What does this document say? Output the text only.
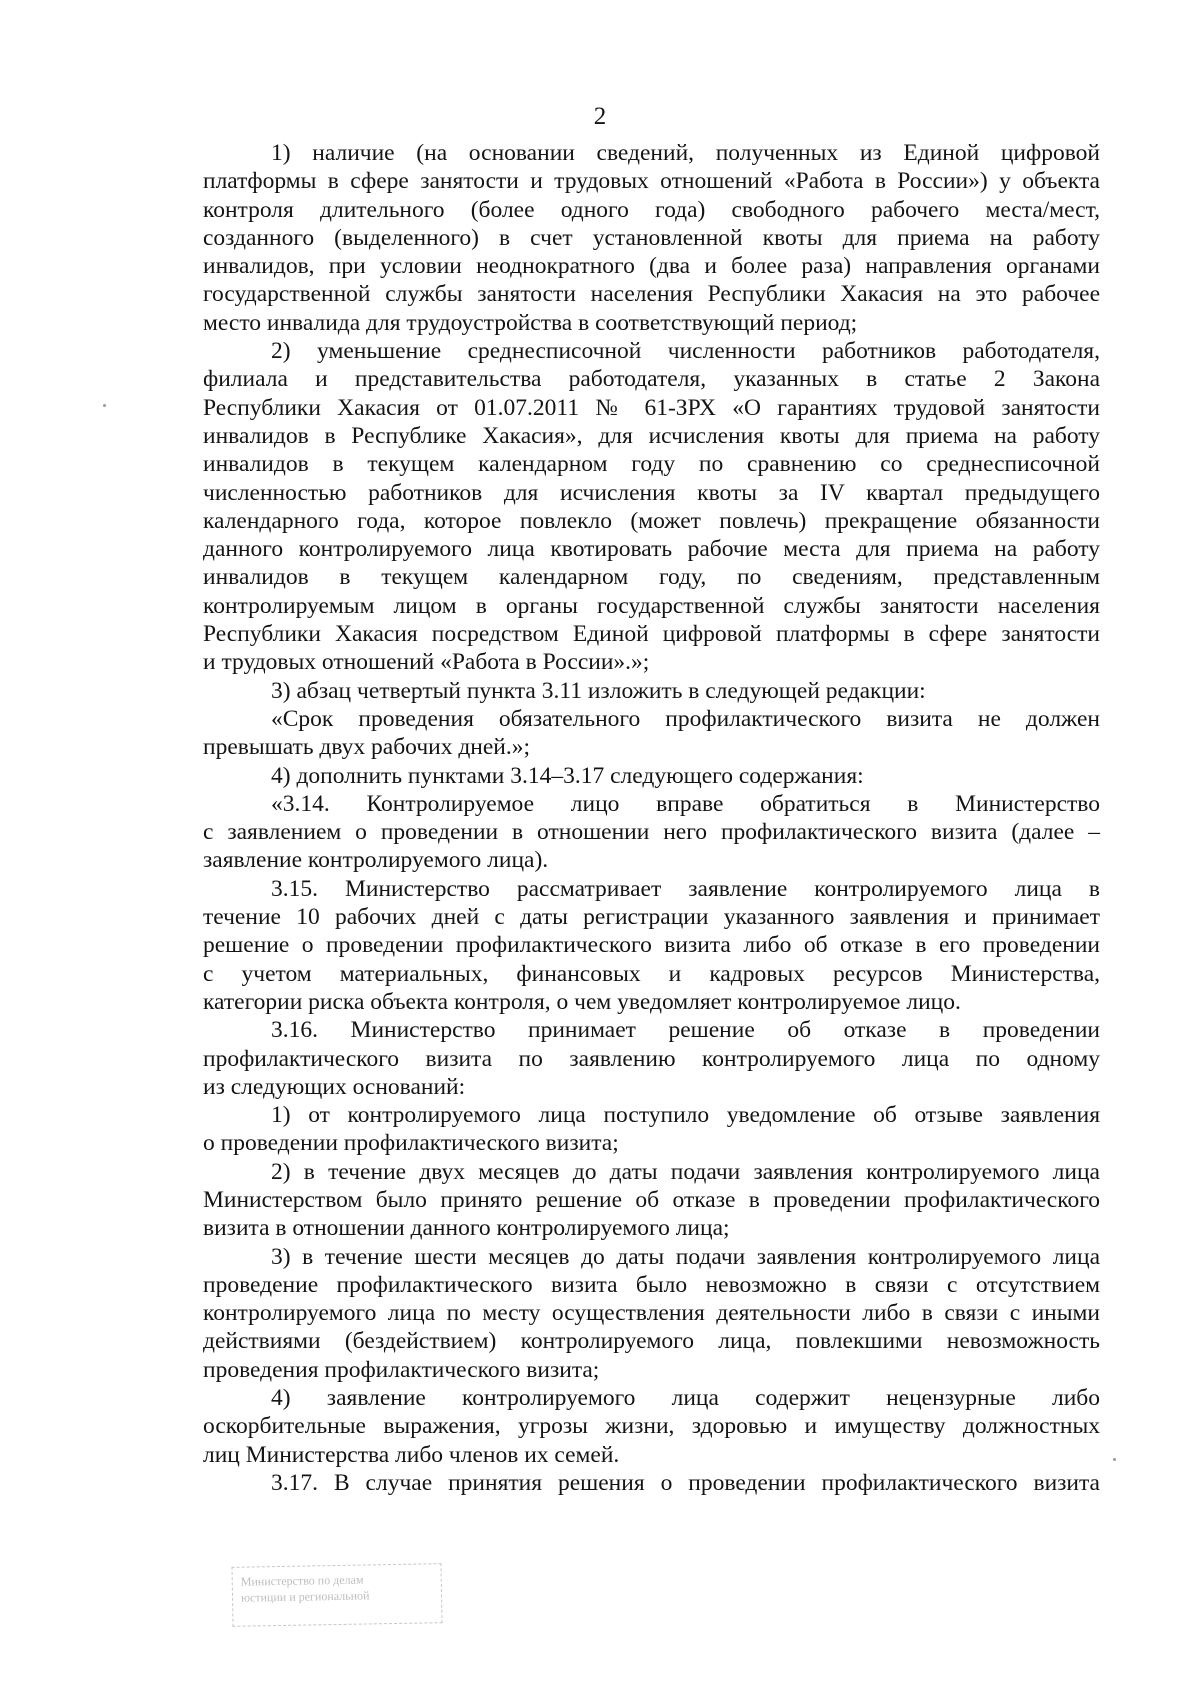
2
1) наличие (на основании сведений, полученных из Единой цифровой
платформы в сфере занятости и трудовых отношений «Работа в России») у объекта
контроля длительного (более одного года) свободного рабочего места/мест,
созданного (выделенного) в счет установленной квоты для приема на работу
инвалидов, при условии неоднократного (два и более раза) направления органами
государственной службы занятости населения Республики Хакасия на это рабочее
место инвалида для трудоустройства в соответствующий период;
2) уменьшение среднесписочной численности работников работодателя,
филиала и представительства работодателя, указанных в статье 2 Закона
Республики Хакасия от 01.07.2011 № 61-ЗРХ «О гарантиях трудовой занятости
инвалидов в Республике Хакасия», для исчисления квоты для приема на работу
инвалидов в текущем календарном году по сравнению со среднесписочной
численностью работников для исчисления квоты за IV квартал предыдущего
календарного года, которое повлекло (может повлечь) прекращение обязанности
данного контролируемого лица квотировать рабочие места для приема на работу
инвалидов в текущем календарном году, по сведениям, представленным
контролируемым лицом в органы государственной службы занятости населения
Республики Хакасия посредством Единой цифровой платформы в сфере занятости
и трудовых отношений «Работа в России».»;
3) абзац четвертый пункта 3.11 изложить в следующей редакции:
«Срок проведения обязательного профилактического визита не должен
превышать двух рабочих дней.»;
4) дополнить пунктами 3.14–3.17 следующего содержания:
«3.14. Контролируемое лицо вправе обратиться в Министерство
с заявлением о проведении в отношении него профилактического визита (далее –
заявление контролируемого лица).
3.15. Министерство рассматривает заявление контролируемого лица в
течение 10 рабочих дней с даты регистрации указанного заявления и принимает
решение о проведении профилактического визита либо об отказе в его проведении
с учетом материальных, финансовых и кадровых ресурсов Министерства,
категории риска объекта контроля, о чем уведомляет контролируемое лицо.
3.16. Министерство принимает решение об отказе в проведении
профилактического визита по заявлению контролируемого лица по одному
из следующих оснований:
1) от контролируемого лица поступило уведомление об отзыве заявления
о проведении профилактического визита;
2) в течение двух месяцев до даты подачи заявления контролируемого лица
Министерством было принято решение об отказе в проведении профилактического
визита в отношении данного контролируемого лица;
3) в течение шести месяцев до даты подачи заявления контролируемого лица
проведение профилактического визита было невозможно в связи с отсутствием
контролируемого лица по месту осуществления деятельности либо в связи с иными
действиями (бездействием) контролируемого лица, повлекшими невозможность
проведения профилактического визита;
4) заявление контролируемого лица содержит нецензурные либо
оскорбительные выражения, угрозы жизни, здоровью и имуществу должностных
лиц Министерства либо членов их семей.
3.17. В случае принятия решения о проведении профилактического визита
Министерство по делам
юстиции и региональной
